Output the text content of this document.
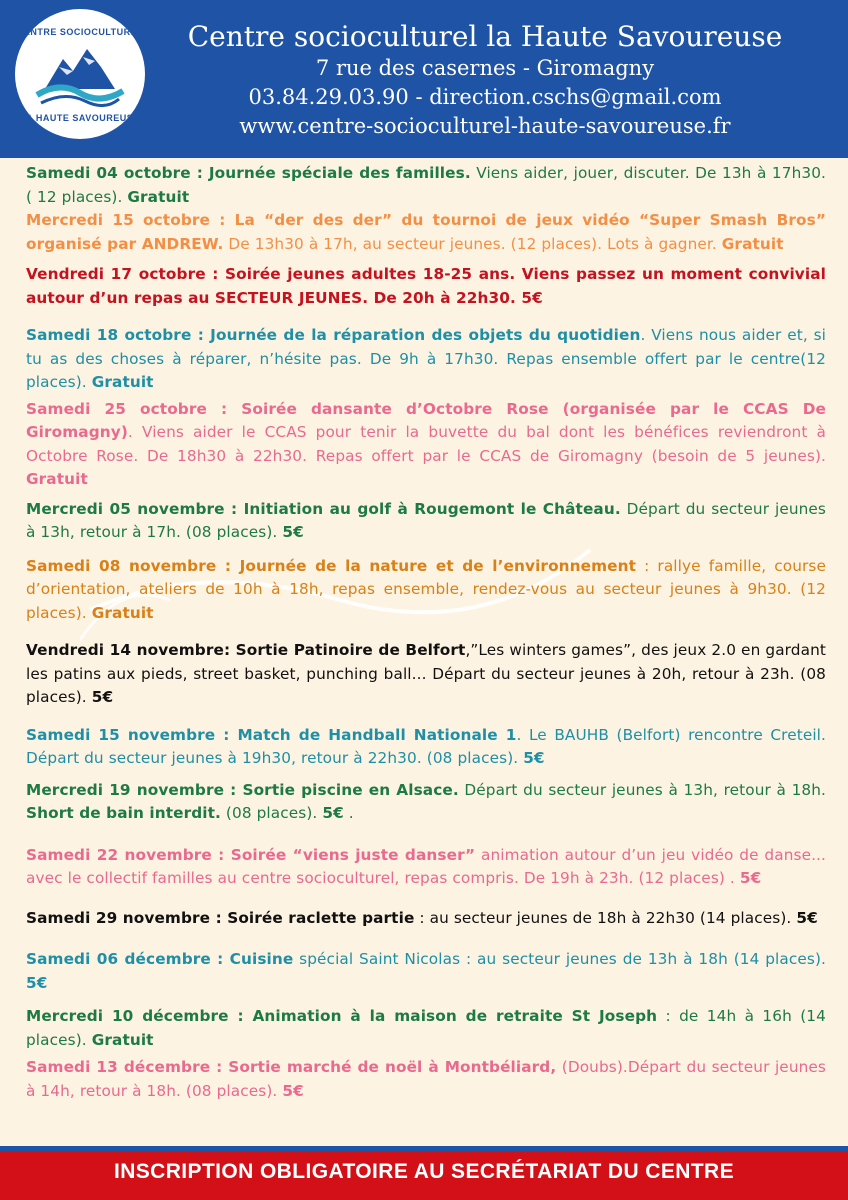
CENTRE SOCIOCULTUREL
LA HAUTE SAVOUREUSE
Centre socioculturel la Haute Savoureuse
7 rue des casernes - Giromagny
03.84.29.03.90 - direction.cschs@gmail.com
www.centre-socioculturel-haute-savoureuse.fr

Samedi 04 octobre : Journée spéciale des familles. Viens aider, jouer, discuter. De 13h à 17h30. ( 12 places). Gratuit

Mercredi 15 octobre : La “der des der” du tournoi de jeux vidéo “Super Smash Bros” organisé par ANDREW. De 13h30 à 17h, au secteur jeunes. (12 places). Lots à gagner. Gratuit

Vendredi 17 octobre : Soirée jeunes adultes 18-25 ans. Viens passez un moment convivial autour d’un repas au SECTEUR JEUNES. De 20h à 22h30. 5€

Samedi 18 octobre : Journée de la réparation des objets du quotidien. Viens nous aider et, si tu as des choses à réparer, n’hésite pas. De 9h à 17h30. Repas ensemble offert par le centre(12 places). Gratuit

Samedi 25 octobre : Soirée dansante d’Octobre Rose (organisée par le CCAS De Giromagny). Viens aider le CCAS pour tenir la buvette du bal dont les bénéfices reviendront à Octobre Rose. De 18h30 à 22h30. Repas offert par le CCAS de Giromagny (besoin de 5 jeunes). Gratuit

Mercredi 05 novembre : Initiation au golf à Rougemont le Château. Départ du secteur jeunes à 13h, retour à 17h. (08 places). 5€

Samedi 08 novembre : Journée de la nature et de l’environnement : rallye famille, course d’orientation, ateliers de 10h à 18h, repas ensemble, rendez-vous au secteur jeunes à 9h30. (12 places). Gratuit

Vendredi 14 novembre: Sortie Patinoire de Belfort,”Les winters games”, des jeux 2.0 en gardant les patins aux pieds, street basket, punching ball... Départ du secteur jeunes à 20h, retour à 23h. (08 places). 5€

Samedi 15 novembre : Match de Handball Nationale 1. Le BAUHB (Belfort) rencontre Creteil. Départ du secteur jeunes à 19h30, retour à 22h30. (08 places). 5€

Mercredi 19 novembre : Sortie piscine en Alsace. Départ du secteur jeunes à 13h, retour à 18h. Short de bain interdit. (08 places). 5€ .

Samedi 22 novembre : Soirée “viens juste danser” animation autour d’un jeu vidéo de danse... avec le collectif familles au centre socioculturel, repas compris. De 19h à 23h. (12 places) . 5€

Samedi 29 novembre : Soirée raclette partie : au secteur jeunes de 18h à 22h30 (14 places). 5€

Samedi 06 décembre : Cuisine spécial Saint Nicolas : au secteur jeunes de 13h à 18h (14 places). 5€

Mercredi 10 décembre : Animation à la maison de retraite St Joseph : de 14h à 16h (14 places). Gratuit

Samedi 13 décembre : Sortie marché de noël à Montbéliard, (Doubs).Départ du secteur jeunes à 14h, retour à 18h. (08 places). 5€

INSCRIPTION OBLIGATOIRE AU SECRÉTARIAT DU CENTRE
